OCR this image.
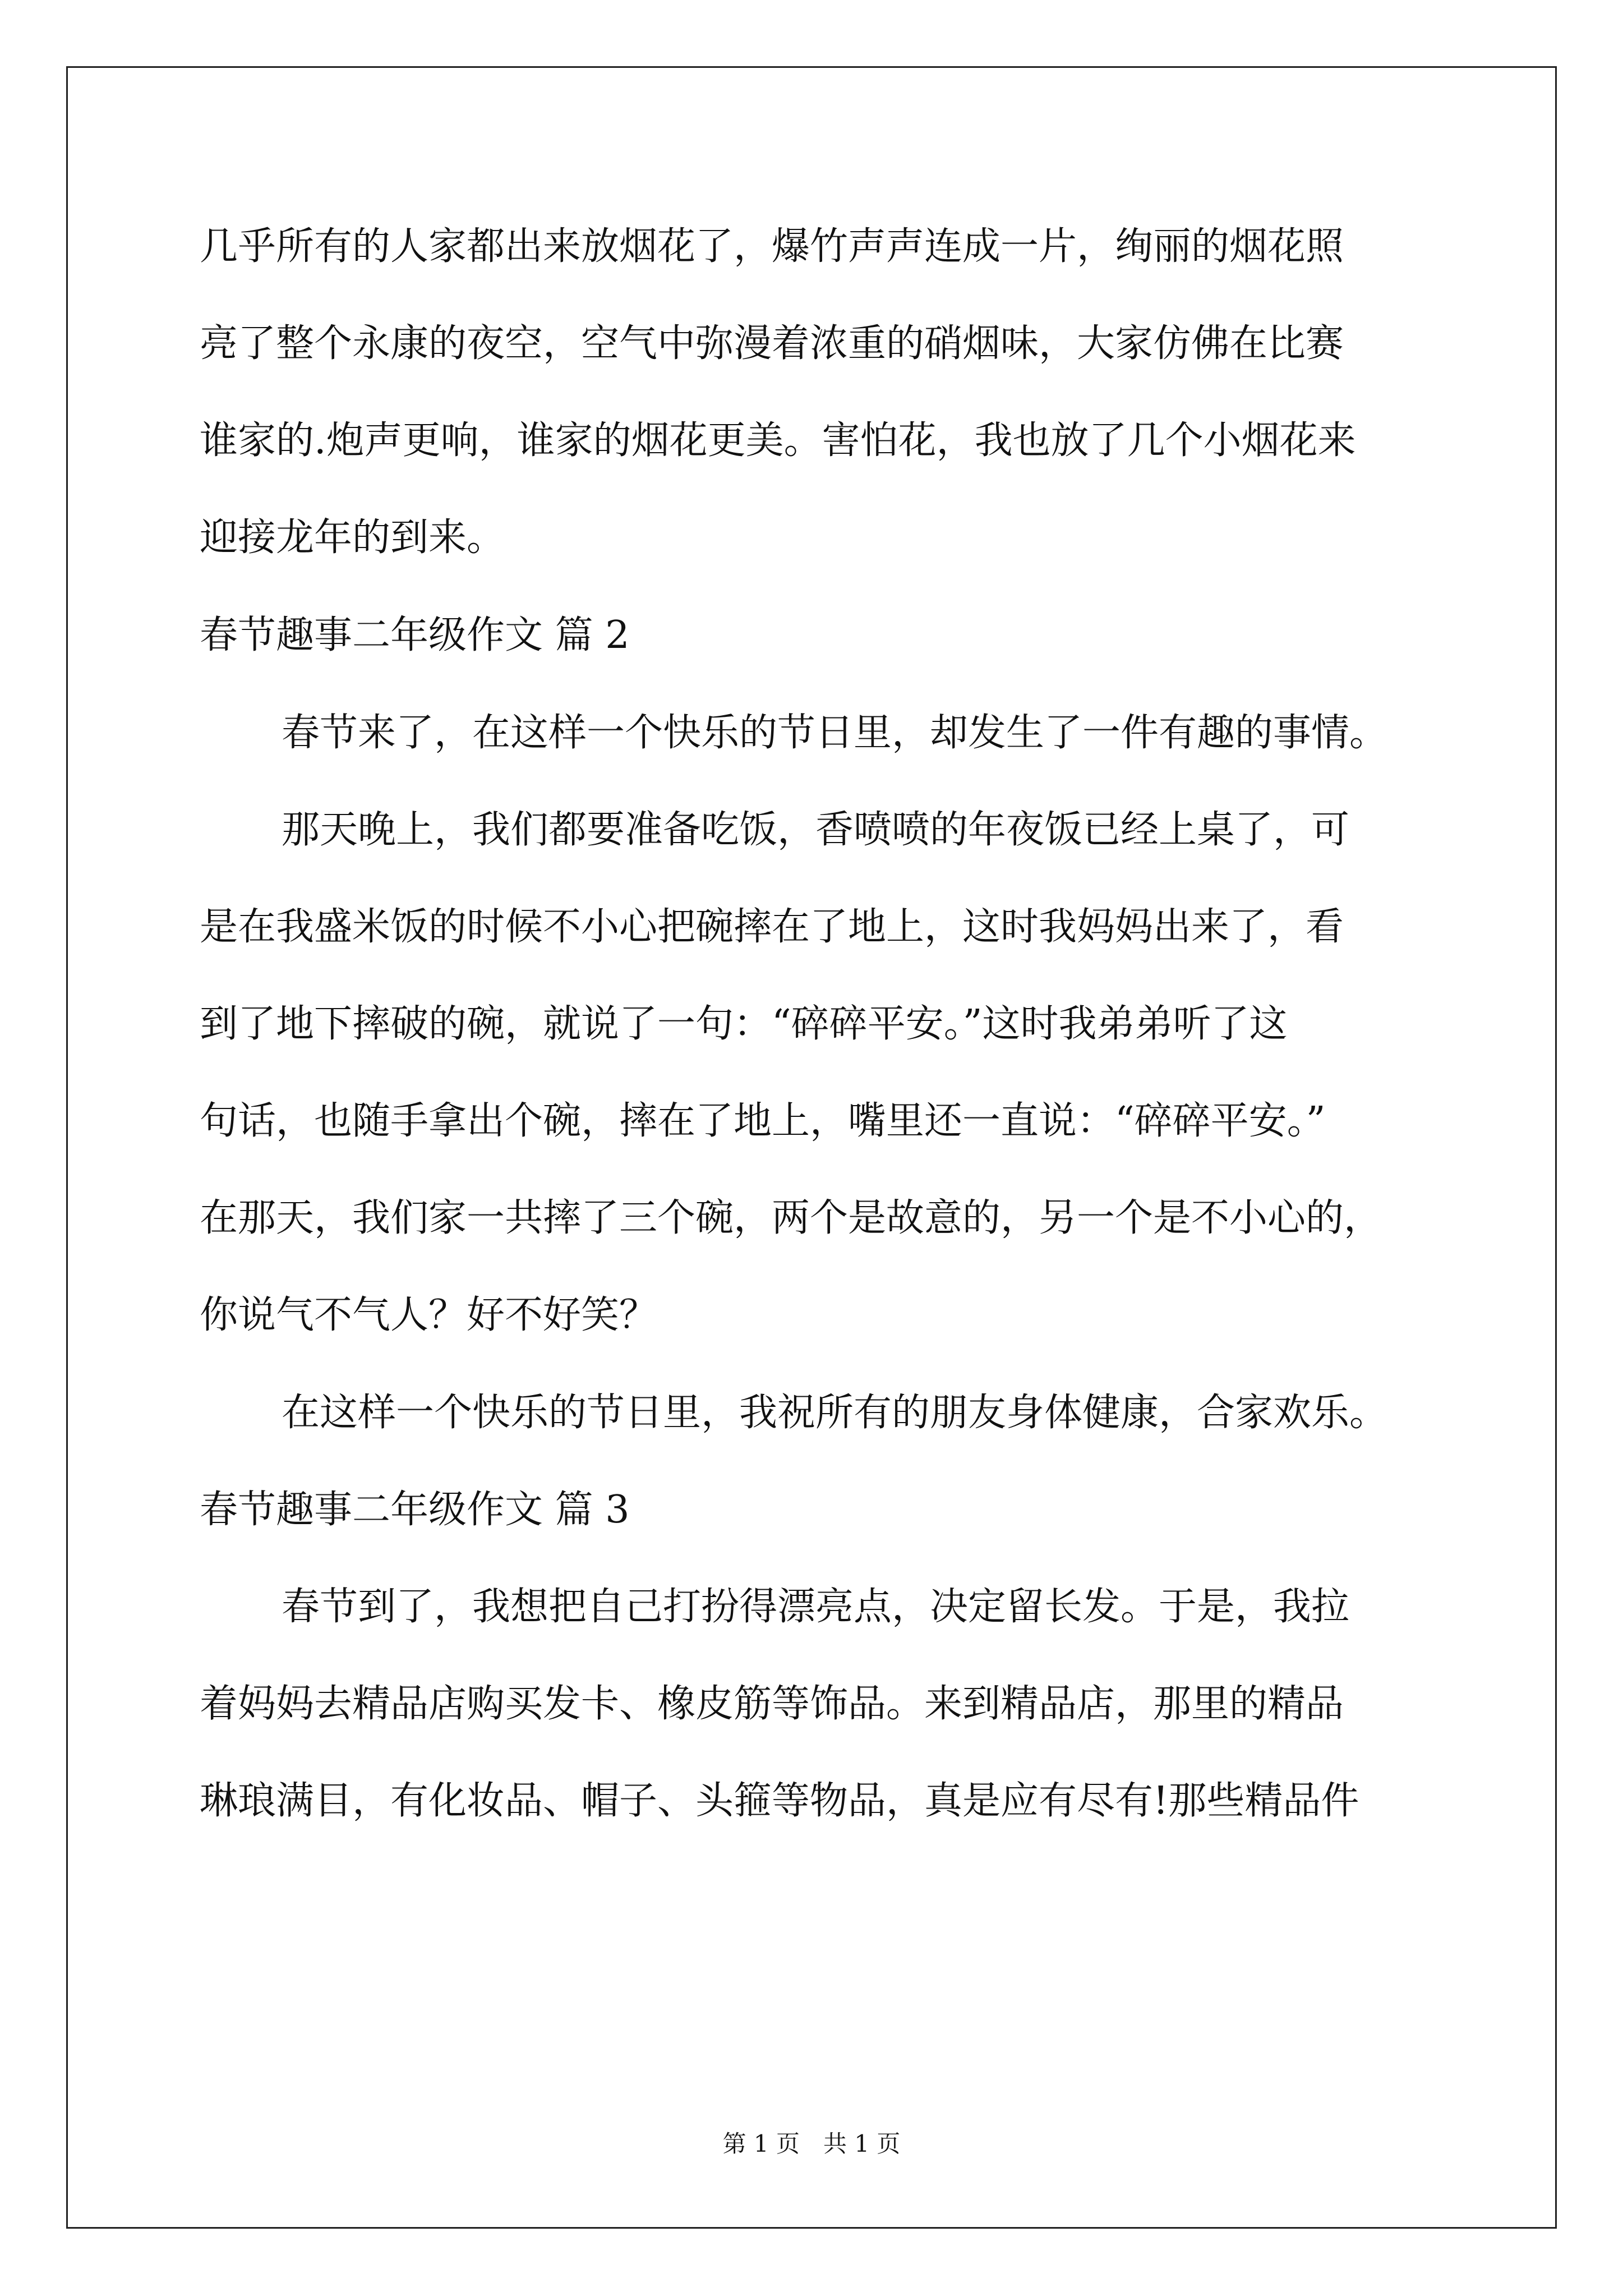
几乎所有的人家都出来放烟花了，爆竹声声连成一片，绚丽的烟花照
亮了整个永康的夜空，空气中弥漫着浓重的硝烟味，大家仿佛在比赛
谁家的.炮声更响，谁家的烟花更美。害怕花，我也放了几个小烟花来
迎接龙年的到来。
春节趣事二年级作文 篇 2
春节来了，在这样一个快乐的节日里，却发生了一件有趣的事情。
那天晚上，我们都要准备吃饭，香喷喷的年夜饭已经上桌了，可
是在我盛米饭的时候不小心把碗摔在了地上，这时我妈妈出来了，看
到了地下摔破的碗，就说了一句：“碎碎平安。”这时我弟弟听了这
句话，也随手拿出个碗，摔在了地上，嘴里还一直说：“碎碎平安。”
在那天，我们家一共摔了三个碗，两个是故意的，另一个是不小心的，
你说气不气人？好不好笑？
在这样一个快乐的节日里，我祝所有的朋友身体健康，合家欢乐。
春节趣事二年级作文 篇 3
春节到了，我想把自己打扮得漂亮点，决定留长发。于是，我拉
着妈妈去精品店购买发卡、橡皮筋等饰品。来到精品店，那里的精品
琳琅满目，有化妆品、帽子、头箍等物品，真是应有尽有!那些精品件
第 1 页　共 1 页
